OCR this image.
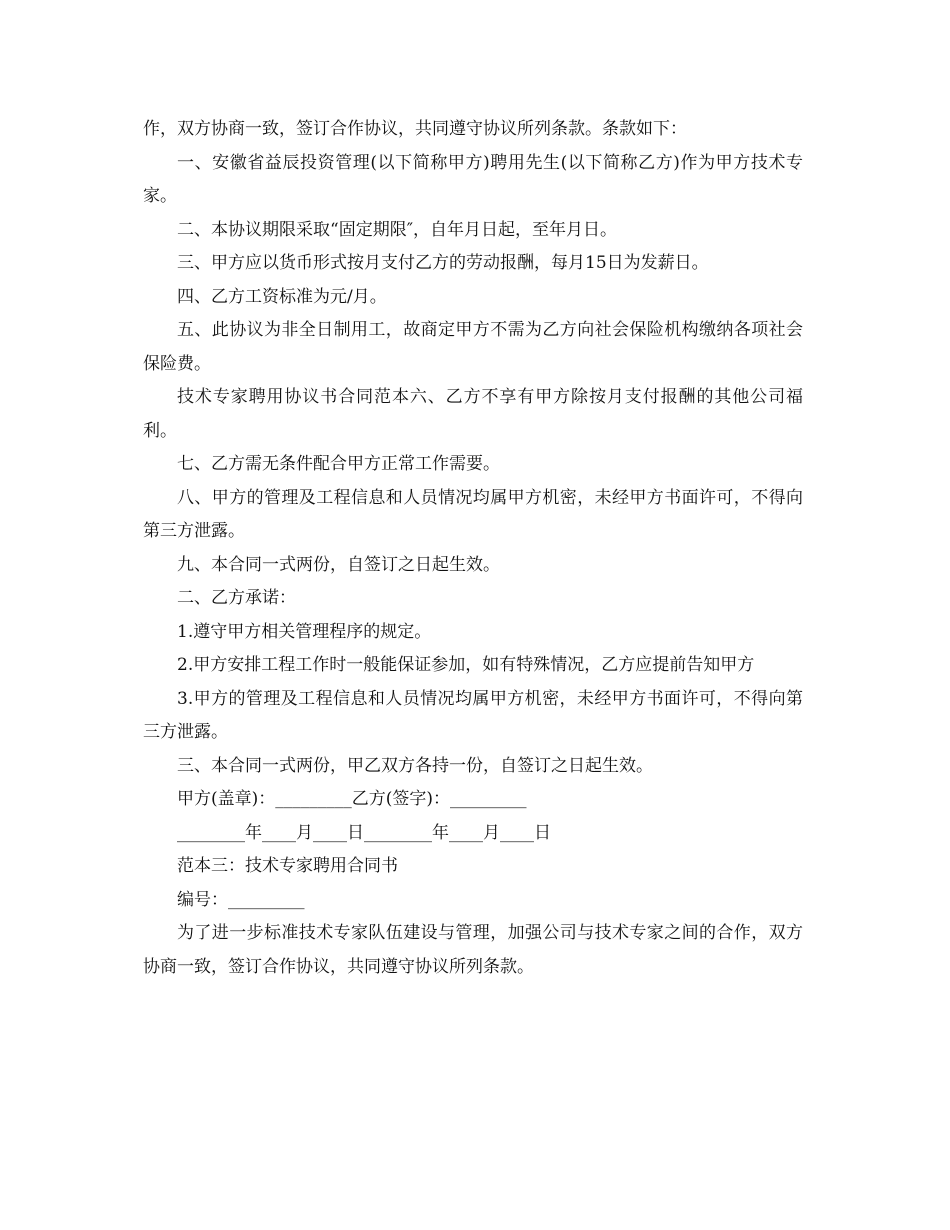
作，双方协商一致，签订合作协议，共同遵守协议所列条款。条款如下：

一、安徽省益辰投资管理(以下简称甲方)聘用先生(以下简称乙方)作为甲方技术专家。

二、本协议期限采取“固定期限″，自年月日起，至年月日。

三、甲方应以货币形式按月支付乙方的劳动报酬，每月15日为发薪日。

四、乙方工资标准为元/月。

五、此协议为非全日制用工，故商定甲方不需为乙方向社会保险机构缴纳各项社会保险费。

技术专家聘用协议书合同范本六、乙方不享有甲方除按月支付报酬的其他公司福利。

七、乙方需无条件配合甲方正常工作需要。

八、甲方的管理及工程信息和人员情况均属甲方机密，未经甲方书面许可，不得向第三方泄露。

九、本合同一式两份，自签订之日起生效。

二、乙方承诺：

1.遵守甲方相关管理程序的规定。

2.甲方安排工程工作时一般能保证参加，如有特殊情况，乙方应提前告知甲方

3.甲方的管理及工程信息和人员情况均属甲方机密，未经甲方书面许可，不得向第三方泄露。

三、本合同一式两份，甲乙双方各持一份，自签订之日起生效。

甲方(盖章)：_________乙方(签字)：_________

________年____月____日________年____月____日

范本三：技术专家聘用合同书

编号：_________

为了进一步标准技术专家队伍建设与管理，加强公司与技术专家之间的合作，双方协商一致，签订合作协议，共同遵守协议所列条款。
